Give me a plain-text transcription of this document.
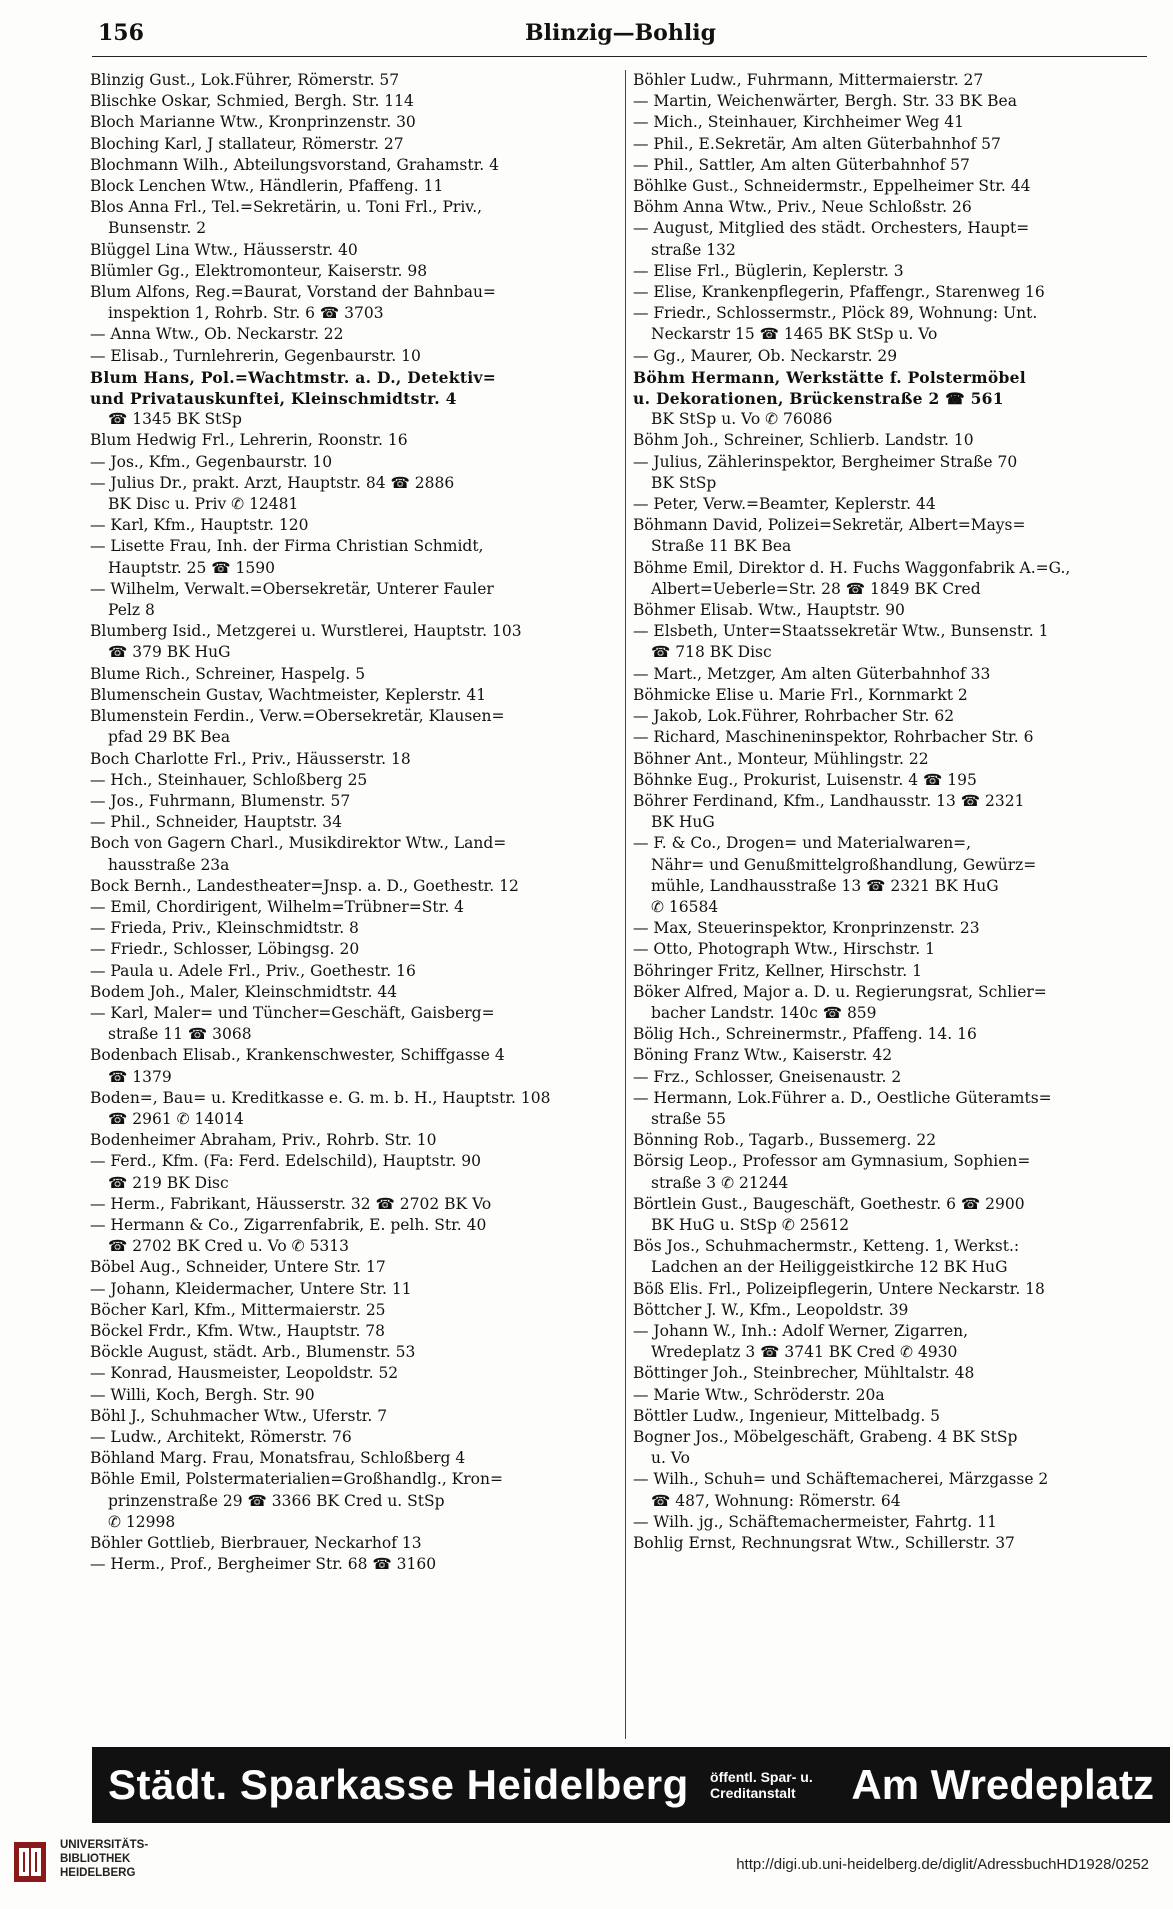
156	Blinzig—Bohlig

Blinzig Gust., Lok.Führer, Römerstr. 57

Blischke Oskar, Schmied, Bergh. Str. 114

Bloch Marianne Wtw., Kronprinzenstr. 30

Bloching Karl, J stallateur, Römerstr. 27

Blochmann Wilh., Abteilungsvorstand, Grahamstr. 4

Block Lenchen Wtw., Händlerin, Pfaffeng. 11

Blos Anna Frl., Tel.=Sekretärin, u. Toni Frl., Priv.,

Bunsenstr. 2

Blüggel Lina Wtw., Häusserstr. 40

Blümler Gg., Elektromonteur, Kaiserstr. 98

Blum Alfons, Reg.=Baurat, Vorstand der Bahnbau=

inspektion 1, Rohrb. Str. 6 ☎ 3703

— Anna Wtw., Ob. Neckarstr. 22

— Elisab., Turnlehrerin, Gegenbaurstr. 10

Blum Hans, Pol.=Wachtmstr. a. D., Detektiv=

und Privatauskunftei, Kleinschmidtstr. 4

☎ 1345 BK StSp

Blum Hedwig Frl., Lehrerin, Roonstr. 16

— Jos., Kfm., Gegenbaurstr. 10

— Julius Dr., prakt. Arzt, Hauptstr. 84 ☎ 2886

BK Disc u. Priv ✆ 12481

— Karl, Kfm., Hauptstr. 120

— Lisette Frau, Inh. der Firma Christian Schmidt,

Hauptstr. 25 ☎ 1590

— Wilhelm, Verwalt.=Obersekretär, Unterer Fauler

Pelz 8

Blumberg Isid., Metzgerei u. Wurstlerei, Hauptstr. 103

☎ 379 BK HuG

Blume Rich., Schreiner, Haspelg. 5

Blumenschein Gustav, Wachtmeister, Keplerstr. 41

Blumenstein Ferdin., Verw.=Obersekretär, Klausen=

pfad 29 BK Bea

Boch Charlotte Frl., Priv., Häusserstr. 18

— Hch., Steinhauer, Schloßberg 25

— Jos., Fuhrmann, Blumenstr. 57

— Phil., Schneider, Hauptstr. 34

Boch von Gagern Charl., Musikdirektor Wtw., Land=

hausstraße 23a

Bock Bernh., Landestheater=Jnsp. a. D., Goethestr. 12

— Emil, Chordirigent, Wilhelm=Trübner=Str. 4

— Frieda, Priv., Kleinschmidtstr. 8

— Friedr., Schlosser, Löbingsg. 20

— Paula u. Adele Frl., Priv., Goethestr. 16

Bodem Joh., Maler, Kleinschmidtstr. 44

— Karl, Maler= und Tüncher=Geschäft, Gaisberg=

straße 11 ☎ 3068

Bodenbach Elisab., Krankenschwester, Schiffgasse 4

☎ 1379

Boden=, Bau= u. Kreditkasse e. G. m. b. H., Hauptstr. 108

☎ 2961 ✆ 14014

Bodenheimer Abraham, Priv., Rohrb. Str. 10

— Ferd., Kfm. (Fa: Ferd. Edelschild), Hauptstr. 90

☎ 219 BK Disc

— Herm., Fabrikant, Häusserstr. 32 ☎ 2702 BK Vo

— Hermann & Co., Zigarrenfabrik, E. pelh. Str. 40

☎ 2702 BK Cred u. Vo ✆ 5313

Böbel Aug., Schneider, Untere Str. 17

— Johann, Kleidermacher, Untere Str. 11

Böcher Karl, Kfm., Mittermaierstr. 25

Böckel Frdr., Kfm. Wtw., Hauptstr. 78

Böckle August, städt. Arb., Blumenstr. 53

— Konrad, Hausmeister, Leopoldstr. 52

— Willi, Koch, Bergh. Str. 90

Böhl J., Schuhmacher Wtw., Uferstr. 7

— Ludw., Architekt, Römerstr. 76

Böhland Marg. Frau, Monatsfrau, Schloßberg 4

Böhle Emil, Polstermaterialien=Großhandlg., Kron=

prinzenstraße 29 ☎ 3366 BK Cred u. StSp

✆ 12998

Böhler Gottlieb, Bierbrauer, Neckarhof 13

— Herm., Prof., Bergheimer Str. 68 ☎ 3160

Böhler Ludw., Fuhrmann, Mittermaierstr. 27

— Martin, Weichenwärter, Bergh. Str. 33 BK Bea

— Mich., Steinhauer, Kirchheimer Weg 41

— Phil., E.Sekretär, Am alten Güterbahnhof 57

— Phil., Sattler, Am alten Güterbahnhof 57

Böhlke Gust., Schneidermstr., Eppelheimer Str. 44

Böhm Anna Wtw., Priv., Neue Schloßstr. 26

— August, Mitglied des städt. Orchesters, Haupt=

straße 132

— Elise Frl., Büglerin, Keplerstr. 3

— Elise, Krankenpflegerin, Pfaffengr., Starenweg 16

— Friedr., Schlossermstr., Plöck 89, Wohnung: Unt.

Neckarstr 15 ☎ 1465 BK StSp u. Vo

— Gg., Maurer, Ob. Neckarstr. 29

Böhm Hermann, Werkstätte f. Polstermöbel

u. Dekorationen, Brückenstraße 2 ☎ 561

BK StSp u. Vo ✆ 76086

Böhm Joh., Schreiner, Schlierb. Landstr. 10

— Julius, Zählerinspektor, Bergheimer Straße 70

BK StSp

— Peter, Verw.=Beamter, Keplerstr. 44

Böhmann David, Polizei=Sekretär, Albert=Mays=

Straße 11 BK Bea

Böhme Emil, Direktor d. H. Fuchs Waggonfabrik A.=G.,

Albert=Ueberle=Str. 28 ☎ 1849 BK Cred

Böhmer Elisab. Wtw., Hauptstr. 90

— Elsbeth, Unter=Staatssekretär Wtw., Bunsenstr. 1

☎ 718 BK Disc

— Mart., Metzger, Am alten Güterbahnhof 33

Böhmicke Elise u. Marie Frl., Kornmarkt 2

— Jakob, Lok.Führer, Rohrbacher Str. 62

— Richard, Maschineninspektor, Rohrbacher Str. 6

Böhner Ant., Monteur, Mühlingstr. 22

Böhnke Eug., Prokurist, Luisenstr. 4 ☎ 195

Böhrer Ferdinand, Kfm., Landhausstr. 13 ☎ 2321

BK HuG

— F. & Co., Drogen= und Materialwaren=,

Nähr= und Genußmittelgroßhandlung, Gewürz=

mühle, Landhausstraße 13 ☎ 2321 BK HuG

✆ 16584

— Max, Steuerinspektor, Kronprinzenstr. 23

— Otto, Photograph Wtw., Hirschstr. 1

Böhringer Fritz, Kellner, Hirschstr. 1

Böker Alfred, Major a. D. u. Regierungsrat, Schlier=

bacher Landstr. 140c ☎ 859

Bölig Hch., Schreinermstr., Pfaffeng. 14. 16

Böning Franz Wtw., Kaiserstr. 42

— Frz., Schlosser, Gneisenaustr. 2

— Hermann, Lok.Führer a. D., Oestliche Güteramts=

straße 55

Bönning Rob., Tagarb., Bussemerg. 22

Börsig Leop., Professor am Gymnasium, Sophien=

straße 3 ✆ 21244

Börtlein Gust., Baugeschäft, Goethestr. 6 ☎ 2900

BK HuG u. StSp ✆ 25612

Bös Jos., Schuhmachermstr., Ketteng. 1, Werkst.:

Ladchen an der Heiliggeistkirche 12 BK HuG

Böß Elis. Frl., Polizeipflegerin, Untere Neckarstr. 18

Böttcher J. W., Kfm., Leopoldstr. 39

— Johann W., Inh.: Adolf Werner, Zigarren,

Wredeplatz 3 ☎ 3741 BK Cred ✆ 4930

Böttinger Joh., Steinbrecher, Mühltalstr. 48

— Marie Wtw., Schröderstr. 20a

Böttler Ludw., Ingenieur, Mittelbadg. 5

Bogner Jos., Möbelgeschäft, Grabeng. 4 BK StSp

u. Vo

— Wilh., Schuh= und Schäftemacherei, Märzgasse 2

☎ 487, Wohnung: Römerstr. 64

— Wilh. jg., Schäftemachermeister, Fahrtg. 11

Bohlig Ernst, Rechnungsrat Wtw., Schillerstr. 37

Städt. Sparkasse Heidelberg öffentl. Spar- u. Creditanstalt	Am Wredeplatz
UNIVERSITÄTS-
BIBLIOTHEK
HEIDELBERG	http://digi.ub.uni-heidelberg.de/diglit/AdressbuchHD1928/0252
